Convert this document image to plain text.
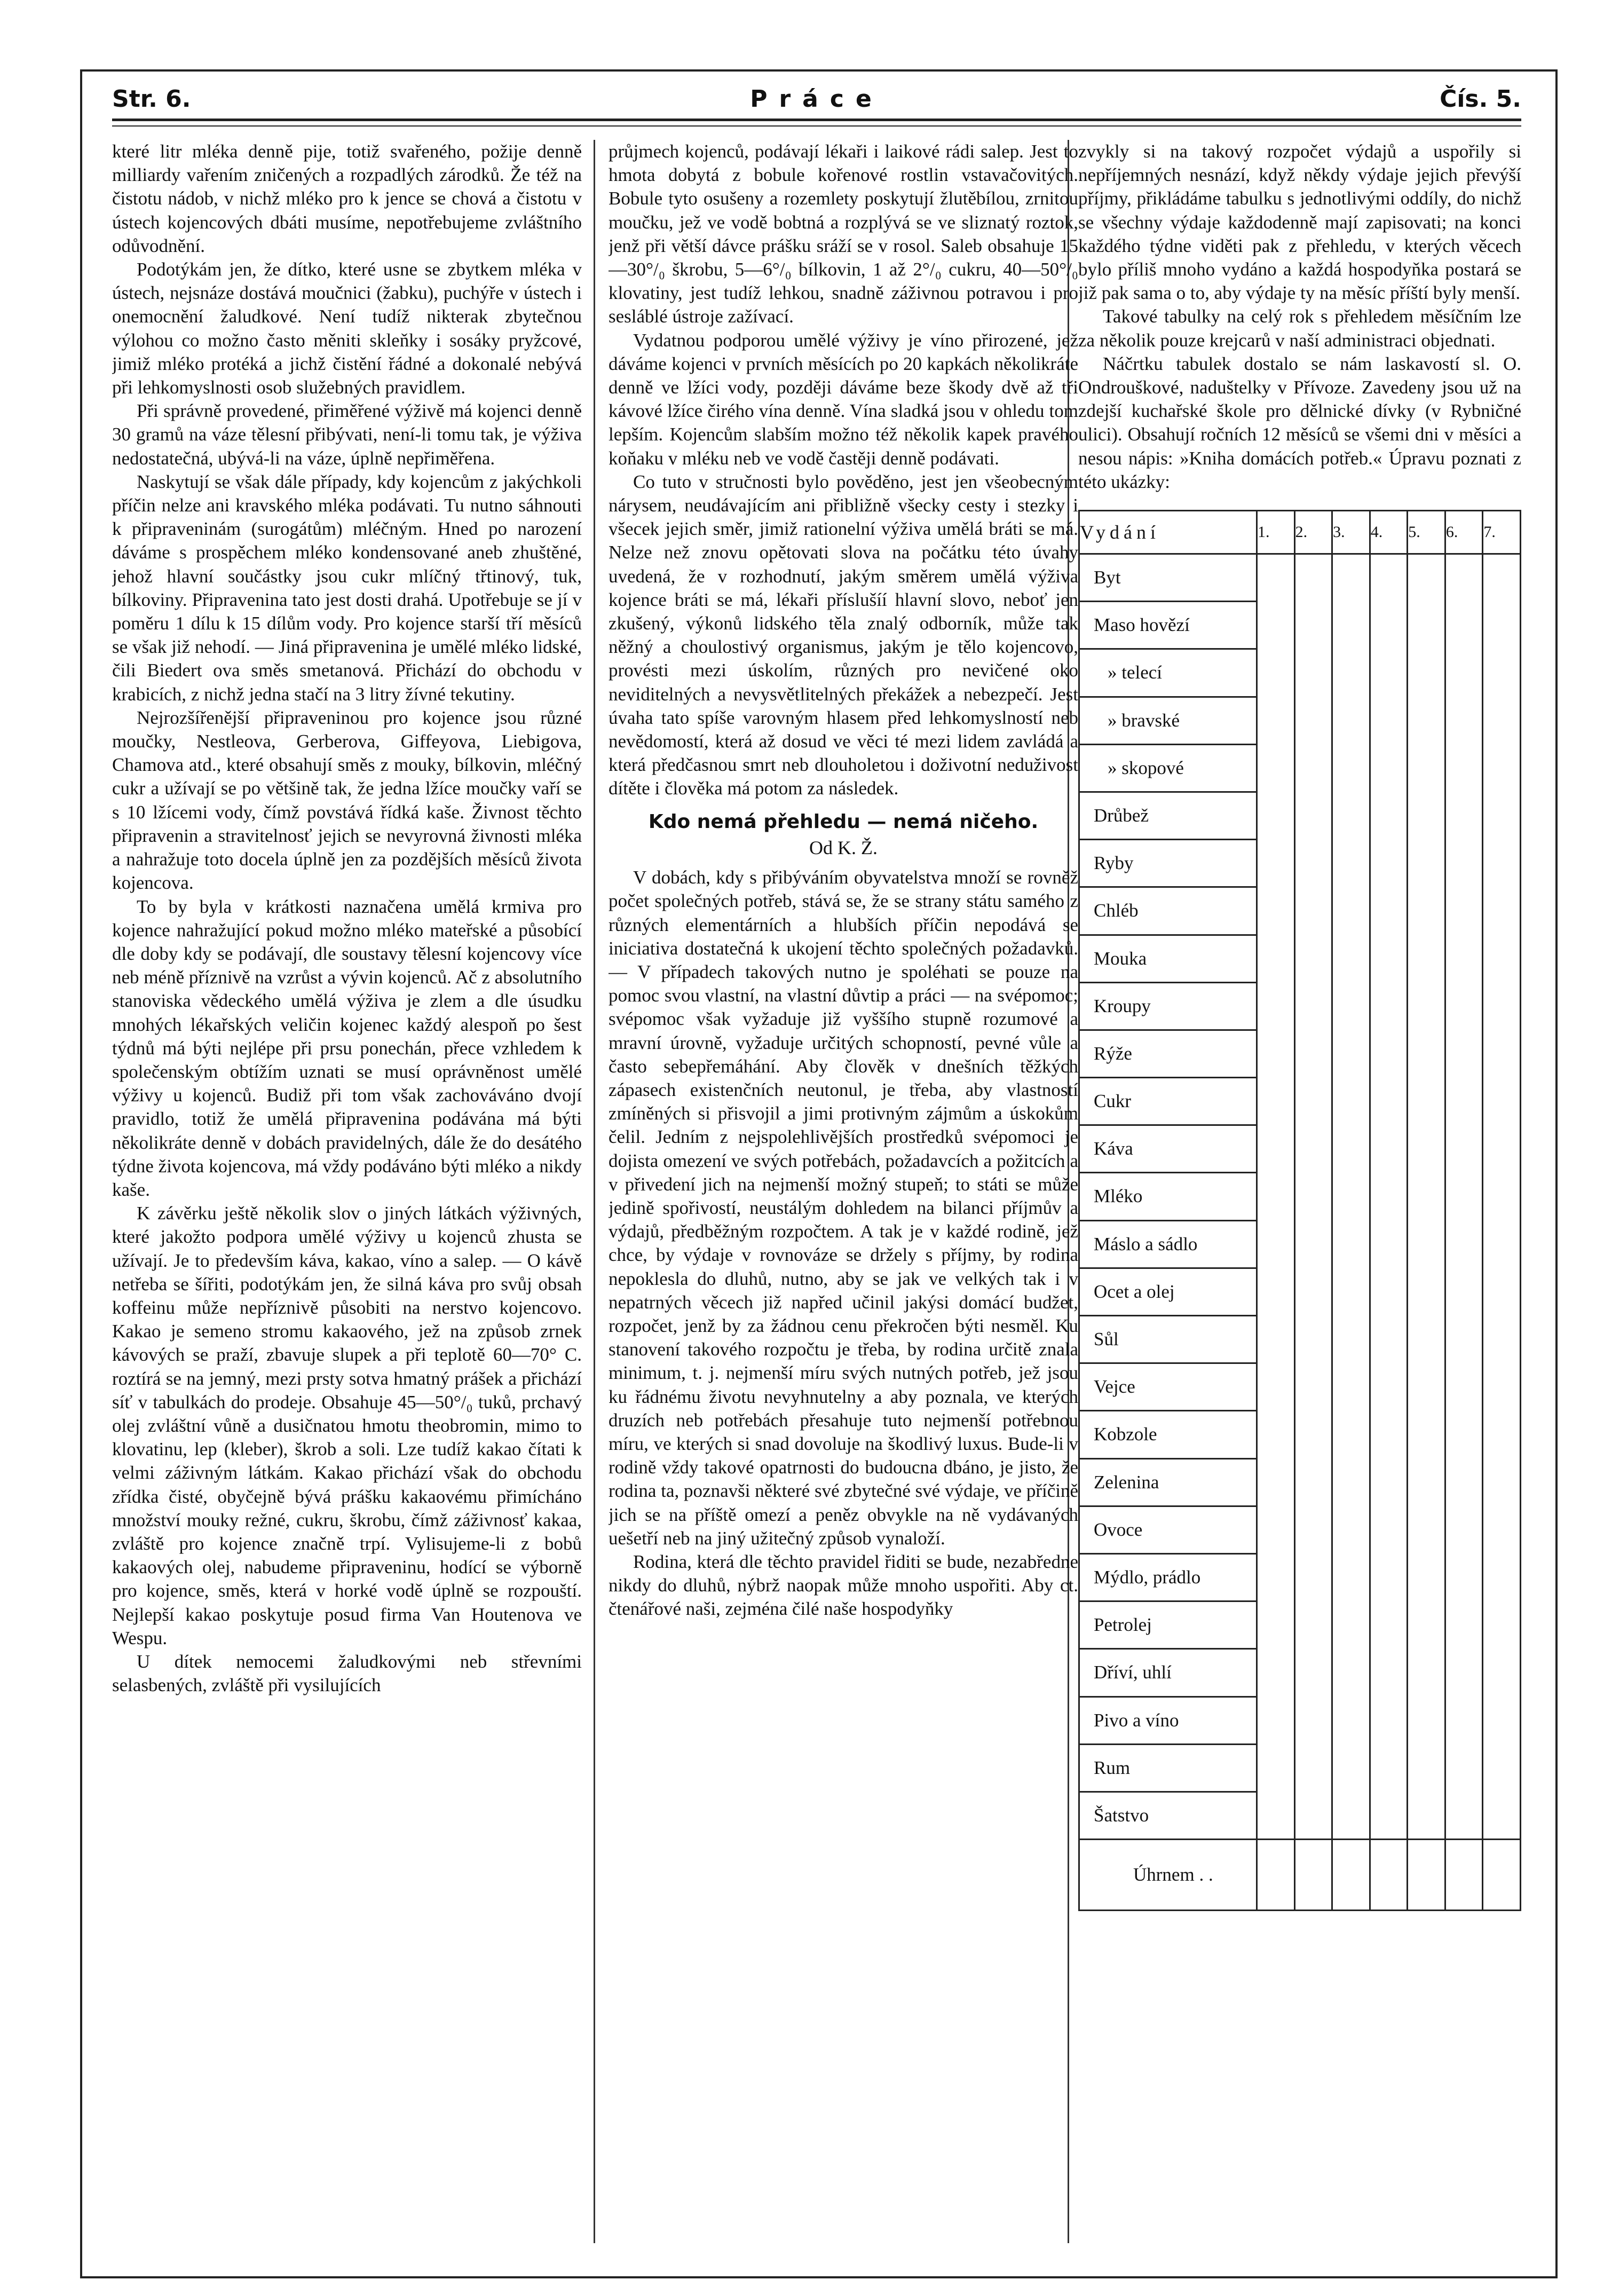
Str. 6.	Práce	Čís. 5.

které litr mléka denně pije, totiž svařeného, požije denně milliardy vařením zničených a rozpadlých zárodků. Že též na čistotu nádob, v nichž mléko pro k jence se chová a čistotu v ústech kojencových dbáti musíme, nepotřebujeme zvláštního odůvodnění.

Podotýkám jen, že dítko, které usne se zbytkem mléka v ústech, nejsnáze dostává moučnici (žabku), puchýře v ústech i onemocnění žaludkové. Není tudíž nikterak zbytečnou výlohou co možno často měniti skleňky i sosáky pryžcové, jimiž mléko protéká a jichž čistění řádné a dokonalé nebývá při lehkomyslnosti osob služebných pravidlem.

Při správně provedené, přiměřené výživě má kojenci denně 30 gramů na váze tělesní přibývati, není-li tomu tak, je výživa nedostatečná, ubývá-li na váze, úplně nepřiměřena.

Naskytují se však dále případy, kdy kojencům z jakýchkoli příčin nelze ani kravského mléka podávati. Tu nutno sáhnouti k připraveninám (surogátům) mléčným. Hned po narození dáváme s prospěchem mléko kondensované aneb zhuštěné, jehož hlavní součástky jsou cukr mlíčný třtinový, tuk, bílkoviny. Připravenina tato jest dosti drahá. Upotřebuje se jí v poměru 1 dílu k 15 dílům vody. Pro kojence starší tří měsíců se však již nehodí. — Jiná připravenina je umělé mléko lidské, čili Biedert ova směs smetanová. Přichází do obchodu v krabicích, z nichž jedna stačí na 3 litry žívné tekutiny.

Nejrozšířenější připraveninou pro kojence jsou různé moučky, Nestleova, Gerberova, Giffeyova, Liebigova, Chamova atd., které obsahují směs z mouky, bílkovin, mléčný cukr a užívají se po většině tak, že jedna lžíce moučky vaří se s 10 lžícemi vody, čímž povstává řídká kaše. Živnost těchto připravenin a stravitelnosť jejich se nevyrovná živnosti mléka a nahražuje toto docela úplně jen za pozdějších měsíců života kojencova.

To by byla v krátkosti naznačena umělá krmiva pro kojence nahražující pokud možno mléko mateřské a působící dle doby kdy se podávají, dle soustavy tělesní kojencovy více neb méně příznivě na vzrůst a vývin kojenců. Ač z absolutního stanoviska vědeckého umělá výživa je zlem a dle úsudku mnohých lékařských veličin kojenec každý alespoň po šest týdnů má býti nejlépe při prsu ponechán, přece vzhledem k společenským obtížím uznati se musí oprávněnost umělé výživy u kojenců. Budiž při tom však zachováváno dvojí pravidlo, totiž že umělá připravenina podávána má býti několikráte denně v dobách pravidelných, dále že do desátého týdne života kojencova, má vždy podáváno býti mléko a nikdy kaše.

K závěrku ještě několik slov o jiných látkách výživných, které jakožto podpora umělé výživy u kojenců zhusta se užívají. Je to především káva, kakao, víno a salep. — O kávě netřeba se šířiti, podotýkám jen, že silná káva pro svůj obsah koffeinu může nepříznivě působiti na nerstvo kojencovo. Kakao je semeno stromu kakaového, jež na způsob zrnek kávových se praží, zbavuje slupek a při teplotě 60—70° C. roztírá se na jemný, mezi prsty sotva hmatný prášek a přichází síť v tabulkách do prodeje. Obsahuje 45—50°/₀ tuků, prchavý olej zvláštní vůně a dusičnatou hmotu theobromin, mimo to klovatinu, lep (kleber), škrob a soli. Lze tudíž kakao čítati k velmi záživným látkám. Kakao přichází však do obchodu zřídka čisté, obyčejně bývá prášku kakaovému přimícháno množství mouky režné, cukru, škrobu, čímž záživnosť kakaa, zvláště pro kojence značně trpí. Vylisujeme-li z bobů kakaových olej, nabudeme připraveninu, hodící se výborně pro kojence, směs, která v horké vodě úplně se rozpouští. Nejlepší kakao poskytuje posud firma Van Houtenova ve Wespu.

U dítek nemocemi žaludkovými neb střevními selasbených, zvláště při vysilujících

průjmech kojenců, podávají lékaři i laikové rádi salep. Jest to hmota dobytá z bobule kořenové rostlin vstavačovitých. Bobule tyto osušeny a rozemlety poskytují žlutěbílou, zrnitou moučku, jež ve vodě bobtná a rozplývá se ve sliznatý roztok, jenž při větší dávce prášku sráží se v rosol. Saleb obsahuje 15—30°/₀ škrobu, 5—6°/₀ bílkovin, 1 až 2°/₀ cukru, 40—50°/₀ klovatiny, jest tudíž lehkou, snadně záživnou potravou i pro sesláblé ústroje zažívací.

Vydatnou podporou umělé výživy je víno přirozené, jež dáváme kojenci v prvních měsících po 20 kapkách několikráte denně ve lžíci vody, později dáváme beze škody dvě až tři kávové lžíce čirého vína denně. Vína sladká jsou v ohledu tom lepším. Kojencům slabším možno též několik kapek pravého koňaku v mléku neb ve vodě častěji denně podávati.

Co tuto v stručnosti bylo pověděno, jest jen všeobecným nárysem, neudávajícím ani přibližně všecky cesty i stezky i všecek jejich směr, jimiž rationelní výživa umělá bráti se má. Nelze než znovu opětovati slova na počátku této úvahy uvedená, že v rozhodnutí, jakým směrem umělá výživa kojence bráti se má, lékaři příslušíí hlavní slovo, neboť jen zkušený, výkonů lidského těla znalý odborník, může tak něžný a choulostivý organismus, jakým je tělo kojencovo, provésti mezi úskolím, různých pro nevičené oko neviditelných a nevysvětlitelných překážek a nebezpečí. Jest úvaha tato spíše varovným hlasem před lehkomyslností neb nevědomostí, která až dosud ve věci té mezi lidem zavládá a která předčasnou smrt neb dlouholetou i doživotní neduživost dítěte i člověka má potom za následek.

Kdo nemá přehledu — nemá ničeho.
Od K. Ž.

V dobách, kdy s přibýváním obyvatelstva množí se rovněž počet společných potřeb, stává se, že se strany státu samého z různých elementárních a hlubších příčin nepodává se iniciativa dostatečná k ukojení těchto společných požadavků. — V případech takových nutno je spoléhati se pouze na pomoc svou vlastní, na vlastní důvtip a práci — na svépomoc; svépomoc však vyžaduje již vyššího stupně rozumové a mravní úrovně, vyžaduje určitých schopností, pevné vůle a často sebepřemáhání. Aby člověk v dnešních těžkých zápasech existenčních neutonul, je třeba, aby vlastností zmíněných si přisvojil a jimi protivným zájmům a úskokům čelil. Jedním z nejspolehlivějších prostředků svépomoci je dojista omezení ve svých potřebách, požadavcích a požitcích a v přivedení jich na nejmenší možný stupeň; to státi se může jedině spořivostí, neustálým dohledem na bilanci příjmův a výdajů, předběžným rozpočtem. A tak je v každé rodině, jež chce, by výdaje v rovnováze se držely s příjmy, by rodina nepoklesla do dluhů, nutno, aby se jak ve velkých tak i v nepatrných věcech již napřed učinil jakýsi domácí budžet, rozpočet, jenž by za žádnou cenu překročen býti nesměl. Ku stanovení takového rozpočtu je třeba, by rodina určitě znala minimum, t. j. nejmenší míru svých nutných potřeb, jež jsou ku řádnému životu nevyhnutelny a aby poznala, ve kterých druzích neb potřebách přesahuje tuto nejmenší potřebnou míru, ve kterých si snad dovoluje na škodlivý luxus. Bude-li v rodině vždy takové opatrnosti do budoucna dbáno, je jisto, že rodina ta, poznavši některé své zbytečné své výdaje, ve příčině jich se na příště omezí a peněz obvykle na ně vydávaných uešetří neb na jiný užitečný způsob vynaloží.

Rodina, která dle těchto pravidel řiditi se bude, nezabředne nikdy do dluhů, nýbrž naopak může mnoho uspořiti. Aby ct. čtenářové naši, zejména čilé naše hospodyňky

zvykly si na takový rozpočet výdajů a uspořily si nepříjemných nesnází, když někdy výdaje jejich převýší příjmy, přikládáme tabulku s jednotlivými oddíly, do nichž se všechny výdaje každodenně mají zapisovati; na konci každého týdne viděti pak z přehledu, v kterých věcech bylo příliš mnoho vydáno a každá hospodyňka postará se již pak sama o to, aby výdaje ty na měsíc příští byly menší.

Takové tabulky na celý rok s přehledem měsíčním lze za několik pouze krejcarů v naší administraci objednati.

Náčrtku tabulek dostalo se nám laskavostí sl. O. Ondrouškové, naduštelky v Přívoze. Zavedeny jsou už na zdejší kuchařské škole pro dělnické dívky (v Rybničné ulici). Obsahují ročních 12 měsíců se všemi dni v měsíci a nesou nápis: »Kniha domácích potřeb.« Úpravu poznati z této ukázky:

Vydání	1.	2.	3.	4.	5.	6.	7.
Byt							
Maso hovězí							
» telecí							
» bravské							
» skopové							
Drůbež							
Ryby							
Chléb							
Mouka							
Kroupy							
Rýže							
Cukr							
Káva							
Mléko							
Máslo a sádlo							
Ocet a olej							
Sůl							
Vejce							
Kobzole							
Zelenina							
Ovoce							
Mýdlo, prádlo							
Petrolej							
Dříví, uhlí							
Pivo a víno							
Rum							
Šatstvo							
Úhrnem . .							
